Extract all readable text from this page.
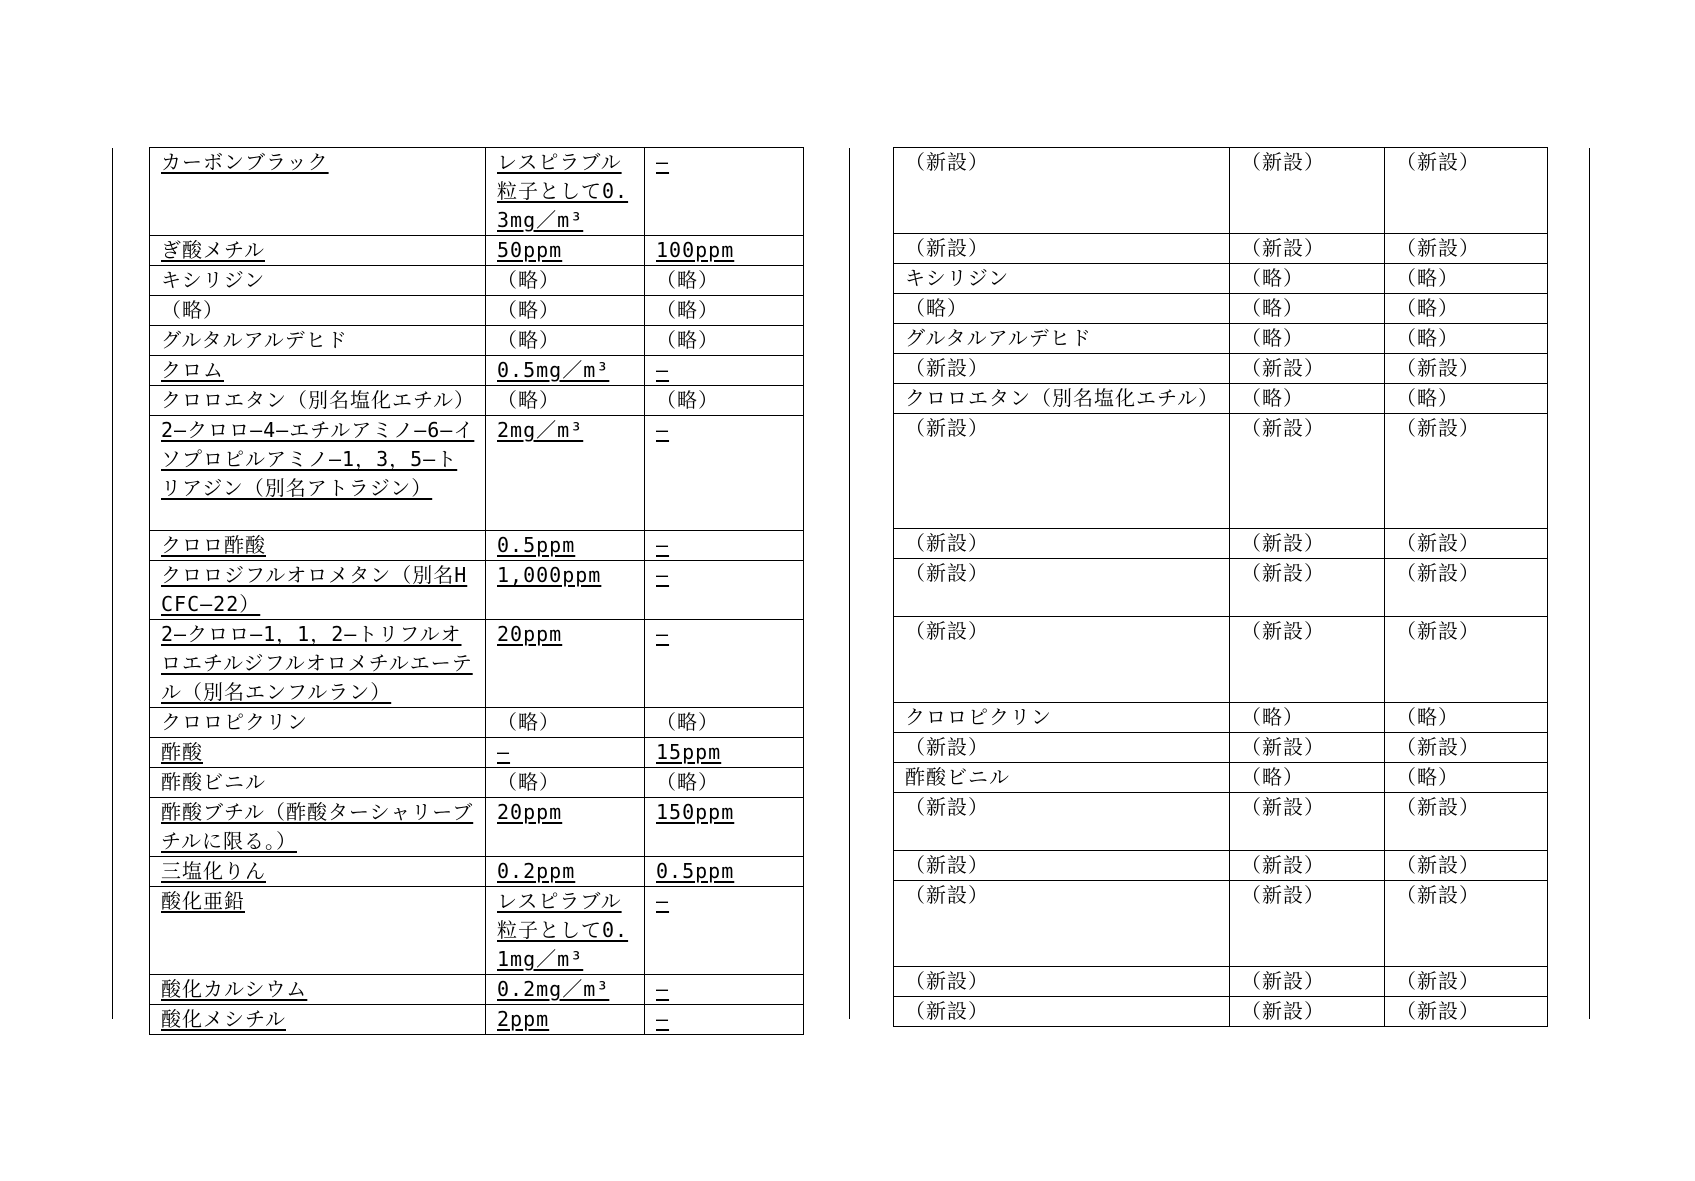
カーボンブラック	レスピラブル粒子として0.3mg／m³	—
ぎ酸メチル	50ppm	100ppm
キシリジン	（略）	（略）
（略）	（略）	（略）
グルタルアルデヒド	（略）	（略）
クロム	0.5mg／m³	—
クロロエタン（別名塩化エチル）	（略）	（略）
2—クロロ—4—エチルアミノ—6—イソプロピルアミノ—1，3，5—トリアジン（別名アトラジン）	2mg／m³	—
クロロ酢酸	0.5ppm	—
クロロジフルオロメタン（別名HCFC—22）	1,000ppm	—
2—クロロ—1，1，2—トリフルオロエチルジフルオロメチルエーテル（別名エンフルラン）	20ppm	—
クロロピクリン	（略）	（略）
酢酸	—	15ppm
酢酸ビニル	（略）	（略）
酢酸ブチル（酢酸ターシャリーブチルに限る。）	20ppm	150ppm
三塩化りん	0.2ppm	0.5ppm
酸化亜鉛	レスピラブル粒子として0.1mg／m³	—
酸化カルシウム	0.2mg／m³	—
酸化メシチル	2ppm	—
（新設）	（新設）	（新設）
（新設）	（新設）	（新設）
キシリジン	（略）	（略）
（略）	（略）	（略）
グルタルアルデヒド	（略）	（略）
（新設）	（新設）	（新設）
クロロエタン（別名塩化エチル）	（略）	（略）
（新設）	（新設）	（新設）
（新設）	（新設）	（新設）
（新設）	（新設）	（新設）
（新設）	（新設）	（新設）
クロロピクリン	（略）	（略）
（新設）	（新設）	（新設）
酢酸ビニル	（略）	（略）
（新設）	（新設）	（新設）
（新設）	（新設）	（新設）
（新設）	（新設）	（新設）
（新設）	（新設）	（新設）
（新設）	（新設）	（新設）
